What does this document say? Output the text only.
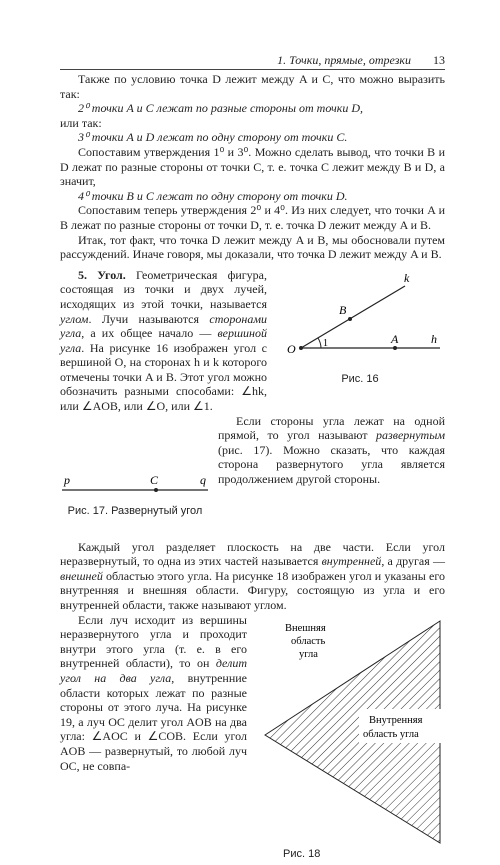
1. Точки, прямые, отрезки 13

Также по условию точка D лежит между A и C, что можно выразить так:

2⁰ точки A и C лежат по разные стороны от точки D,

или так:

3⁰ точки A и D лежат по одну сторону от точки C.

Сопоставим утверждения 1⁰ и 3⁰. Можно сделать вывод, что точки B и D лежат по разные стороны от точки C, т. е. точка C лежит между B и D, а значит,

4⁰ точки B и C лежат по одну сторону от точки D.

Сопоставим теперь утверждения 2⁰ и 4⁰. Из них следует, что точки A и B лежат по разные стороны от точки D, т. е. точка D лежит между A и B.

Итак, тот факт, что точка D лежит между A и B, мы обосновали путем рассуждений. Иначе говоря, мы доказали, что точка D лежит между A и B.

k
B
O	1	A	h
Рис. 16

5. Угол. Геометрическая фигура, состоящая из точки и двух лучей, исходящих из этой точки, называется углом. Лучи называются сторонами угла, а их общее начало — вершиной угла. На рисунке 16 изображен угол с вершиной O, на сторонах h и k которого отмечены точки A и B. Этот угол можно обозначить разными способами: ∠hk, или ∠AOB, или ∠O, или ∠1.

p	C	q
Рис. 17. Развернутый угол

Если стороны угла лежат на одной прямой, то угол называют развернутым (рис. 17). Можно сказать, что каждая сторона развернутого угла является продолжением другой стороны.

Каждый угол разделяет плоскость на две части. Если угол неразвернутый, то одна из этих частей называется внутренней, а другая — внешней областью этого угла. На рисунке 18 изображен угол и указаны его внутренняя и внешняя области. Фигуру, состоящую из угла и его внутренней области, также называют углом.

Внешняя область угла
Внутренняя область угла
Рис. 18

Если луч исходит из вершины неразвернутого угла и проходит внутри этого угла (т. е. в его внутренней области), то он делит угол на два угла, внутренние области которых лежат по разные стороны от этого луча. На рисунке 19, a луч OC делит угол AOB на два угла: ∠AOC и ∠COB. Если угол AOB — развернутый, то любой луч OC, не совпа-
